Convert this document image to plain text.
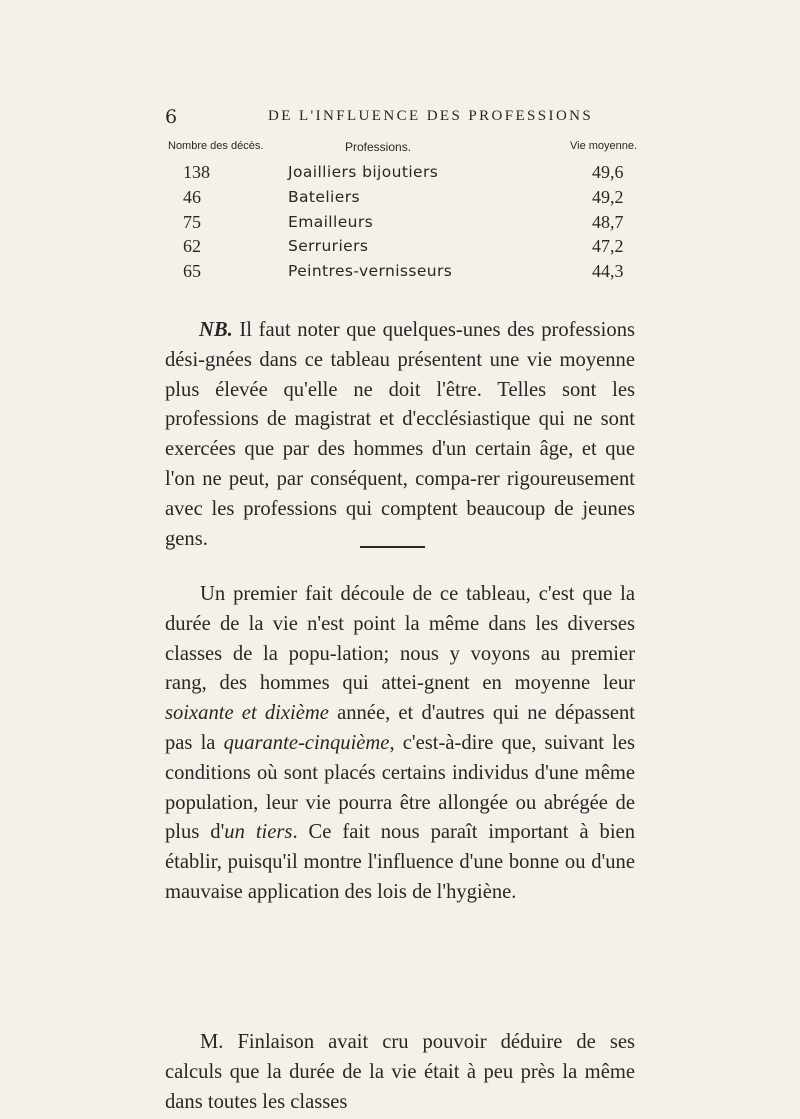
6	DE L'INFLUENCE DES PROFESSIONS
Nombre des décès.	Professions.	Vie moyenne.
138	Joailliers bijoutiers	49,6
46	Bateliers	49,2
75	Emailleurs	48,7
62	Serruriers	47,2
65	Peintres-vernisseurs	44,3

NB. Il faut noter que quelques-unes des professions dési-gnées dans ce tableau présentent une vie moyenne plus élevée qu'elle ne doit l'être. Telles sont les professions de magistrat et d'ecclésiastique qui ne sont exercées que par des hommes d'un certain âge, et que l'on ne peut, par conséquent, compa-rer rigoureusement avec les professions qui comptent beaucoup de jeunes gens.

Un premier fait découle de ce tableau, c'est que la durée de la vie n'est point la même dans les diverses classes de la popu-lation; nous y voyons au premier rang, des hommes qui attei-gnent en moyenne leur soixante et dixième année, et d'autres qui ne dépassent pas la quarante-cinquième, c'est-à-dire que, suivant les conditions où sont placés certains individus d'une même population, leur vie pourra être allongée ou abrégée de plus d'un tiers. Ce fait nous paraît important à bien établir, puisqu'il montre l'influence d'une bonne ou d'une mauvaise application des lois de l'hygiène.

M. Finlaison avait cru pouvoir déduire de ses calculs que la durée de la vie était à peu près la même dans toutes les classes
